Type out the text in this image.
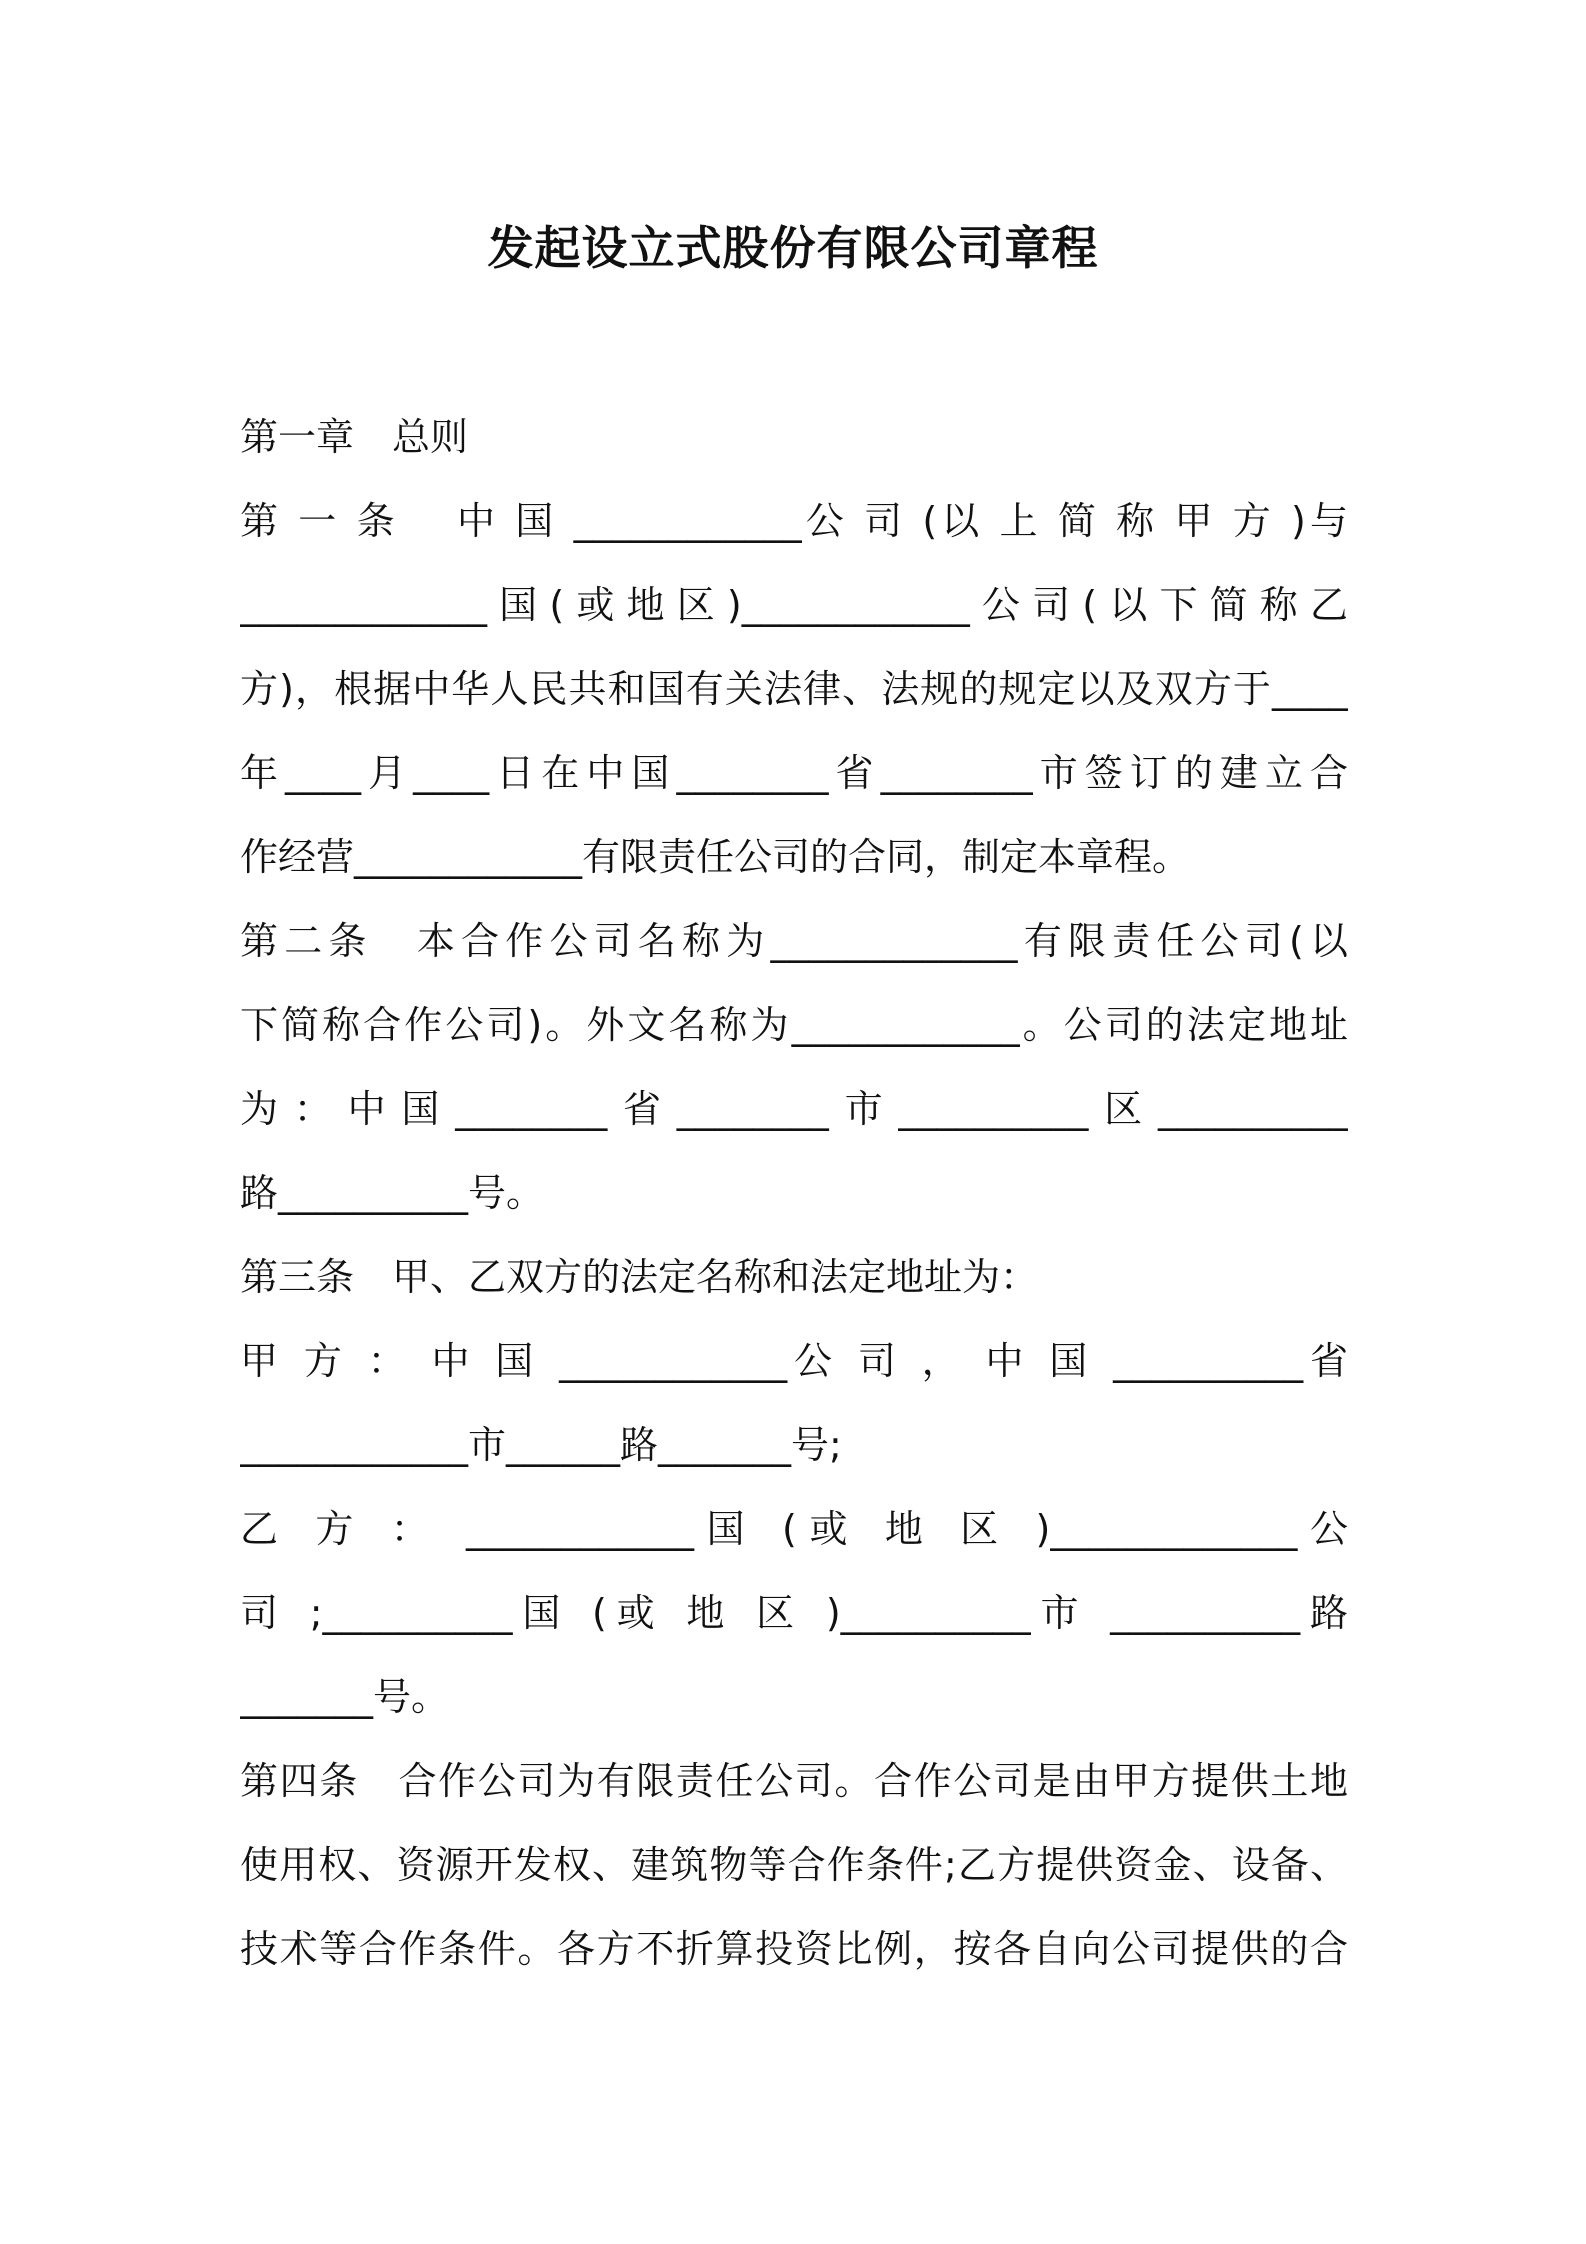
发起设立式股份有限公司章程
第一章　总则
第 一 条　 中 国 ____________公 司 (以 上 简 称 甲 方 )与
_____________国(或地区)____________公司(以下简称乙
方)，根据中华人民共和国有关法律、法规的规定以及双方于____
年____月____日在中国________省________市签订的建立合
作经营____________有限责任公司的合同，制定本章程。
第二条　本合作公司名称为_____________有限责任公司(以
下简称合作公司)。外文名称为____________。公司的法定地址
为：中国________省________市__________区__________
路__________号。
第三条　甲、乙双方的法定名称和法定地址为：
甲 方 ： 中 国 ____________公 司 ， 中 国 __________省
____________市______路_______号;
乙 方 ： ____________国 (或 地 区 )_____________公
司 ;__________国 (或 地 区 )__________市 __________路
_______号。
第四条　合作公司为有限责任公司。合作公司是由甲方提供土地
使用权、资源开发权、建筑物等合作条件;乙方提供资金、设备、
技术等合作条件。各方不折算投资比例，按各自向公司提供的合
